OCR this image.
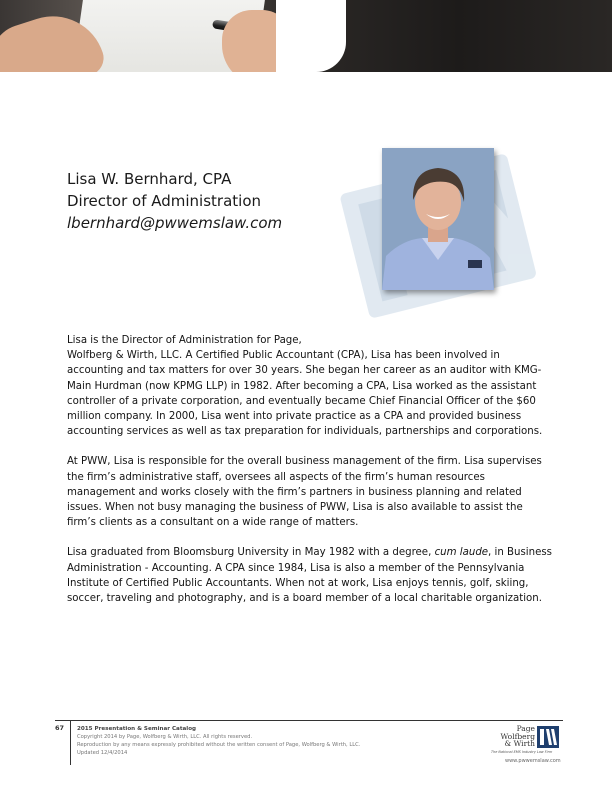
Lisa W. Bernhard, CPA
Director of Administration
lbernhard@pwwemslaw.com

Lisa is the Director of Administration for Page,
Wolfberg & Wirth, LLC. A Certified Public Accountant (CPA), Lisa has been involved in accounting and tax matters for over 30 years. She began her career as an auditor with KMG-Main Hurdman (now KPMG LLP) in 1982. After becoming a CPA, Lisa worked as the assistant controller of a private corporation, and eventually became Chief Financial Officer of the $60 million company. In 2000, Lisa went into private practice as a CPA and provided business accounting services as well as tax preparation for individuals, partnerships and corporations.

At PWW, Lisa is responsible for the overall business management of the firm. Lisa supervises the firm’s administrative staff, oversees all aspects of the firm’s human resources management and works closely with the firm’s partners in business planning and related issues. When not busy managing the business of PWW, Lisa is also available to assist the firm’s clients as a consultant on a wide range of matters.

Lisa graduated from Bloomsburg University in May 1982 with a degree, cum laude, in Business Administration - Accounting. A CPA since 1984, Lisa is also a member of the Pennsylvania Institute of Certified Public Accountants. When not at work, Lisa enjoys tennis, golf, skiing, soccer, traveling and photography, and is a board member of a local charitable organization.

67	2015 Presentation & Seminar Catalog
Copyright 2014 by Page, Wolfberg & Wirth, LLC. All rights reserved.
Reproduction by any means expressly prohibited without the written consent of Page, Wolfberg & Wirth, LLC.
Updated 12/4/2014
Page
Wolfberg
& Wirth
The National EMS Industry Law Firm
www.pwwemslaw.com
